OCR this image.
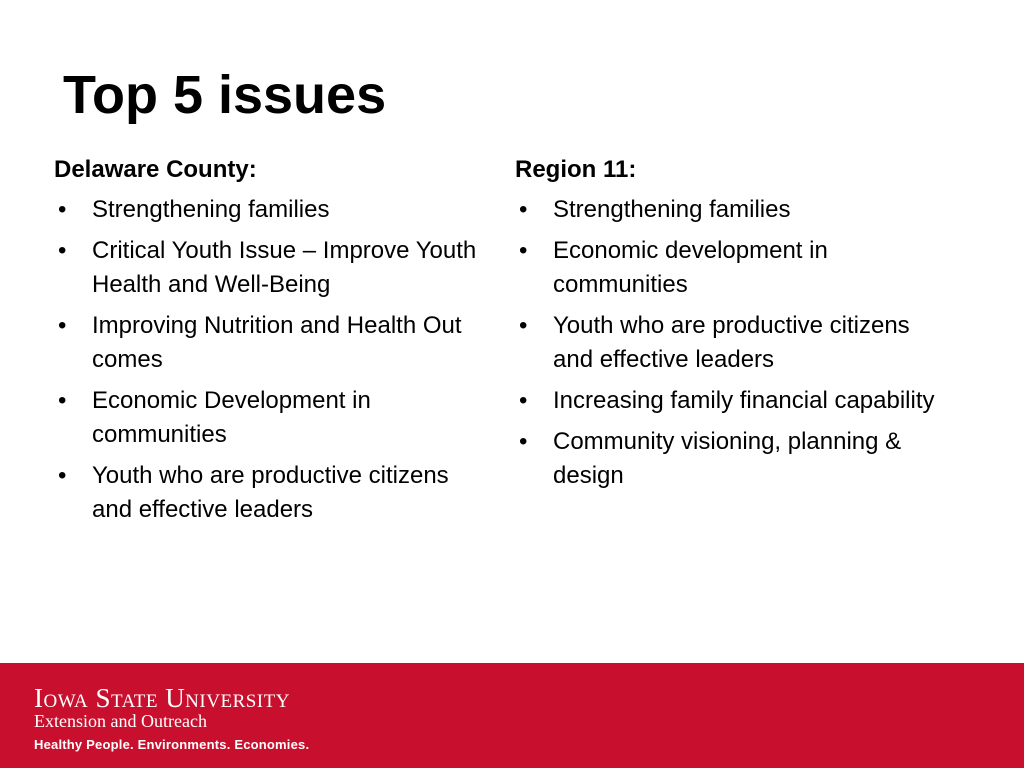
Top 5 issues
Delaware County:
• Strengthening families
• Critical Youth Issue – Improve Youth Health and Well-Being
• Improving Nutrition and Health Out comes
• Economic Development in communities
• Youth who are productive citizens and effective leaders
Region 11:
• Strengthening families
• Economic development in communities
• Youth who are productive citizens and effective leaders
• Increasing family financial capability
• Community visioning, planning & design
Iowa State University
Extension and Outreach
Healthy People. Environments. Economies.
